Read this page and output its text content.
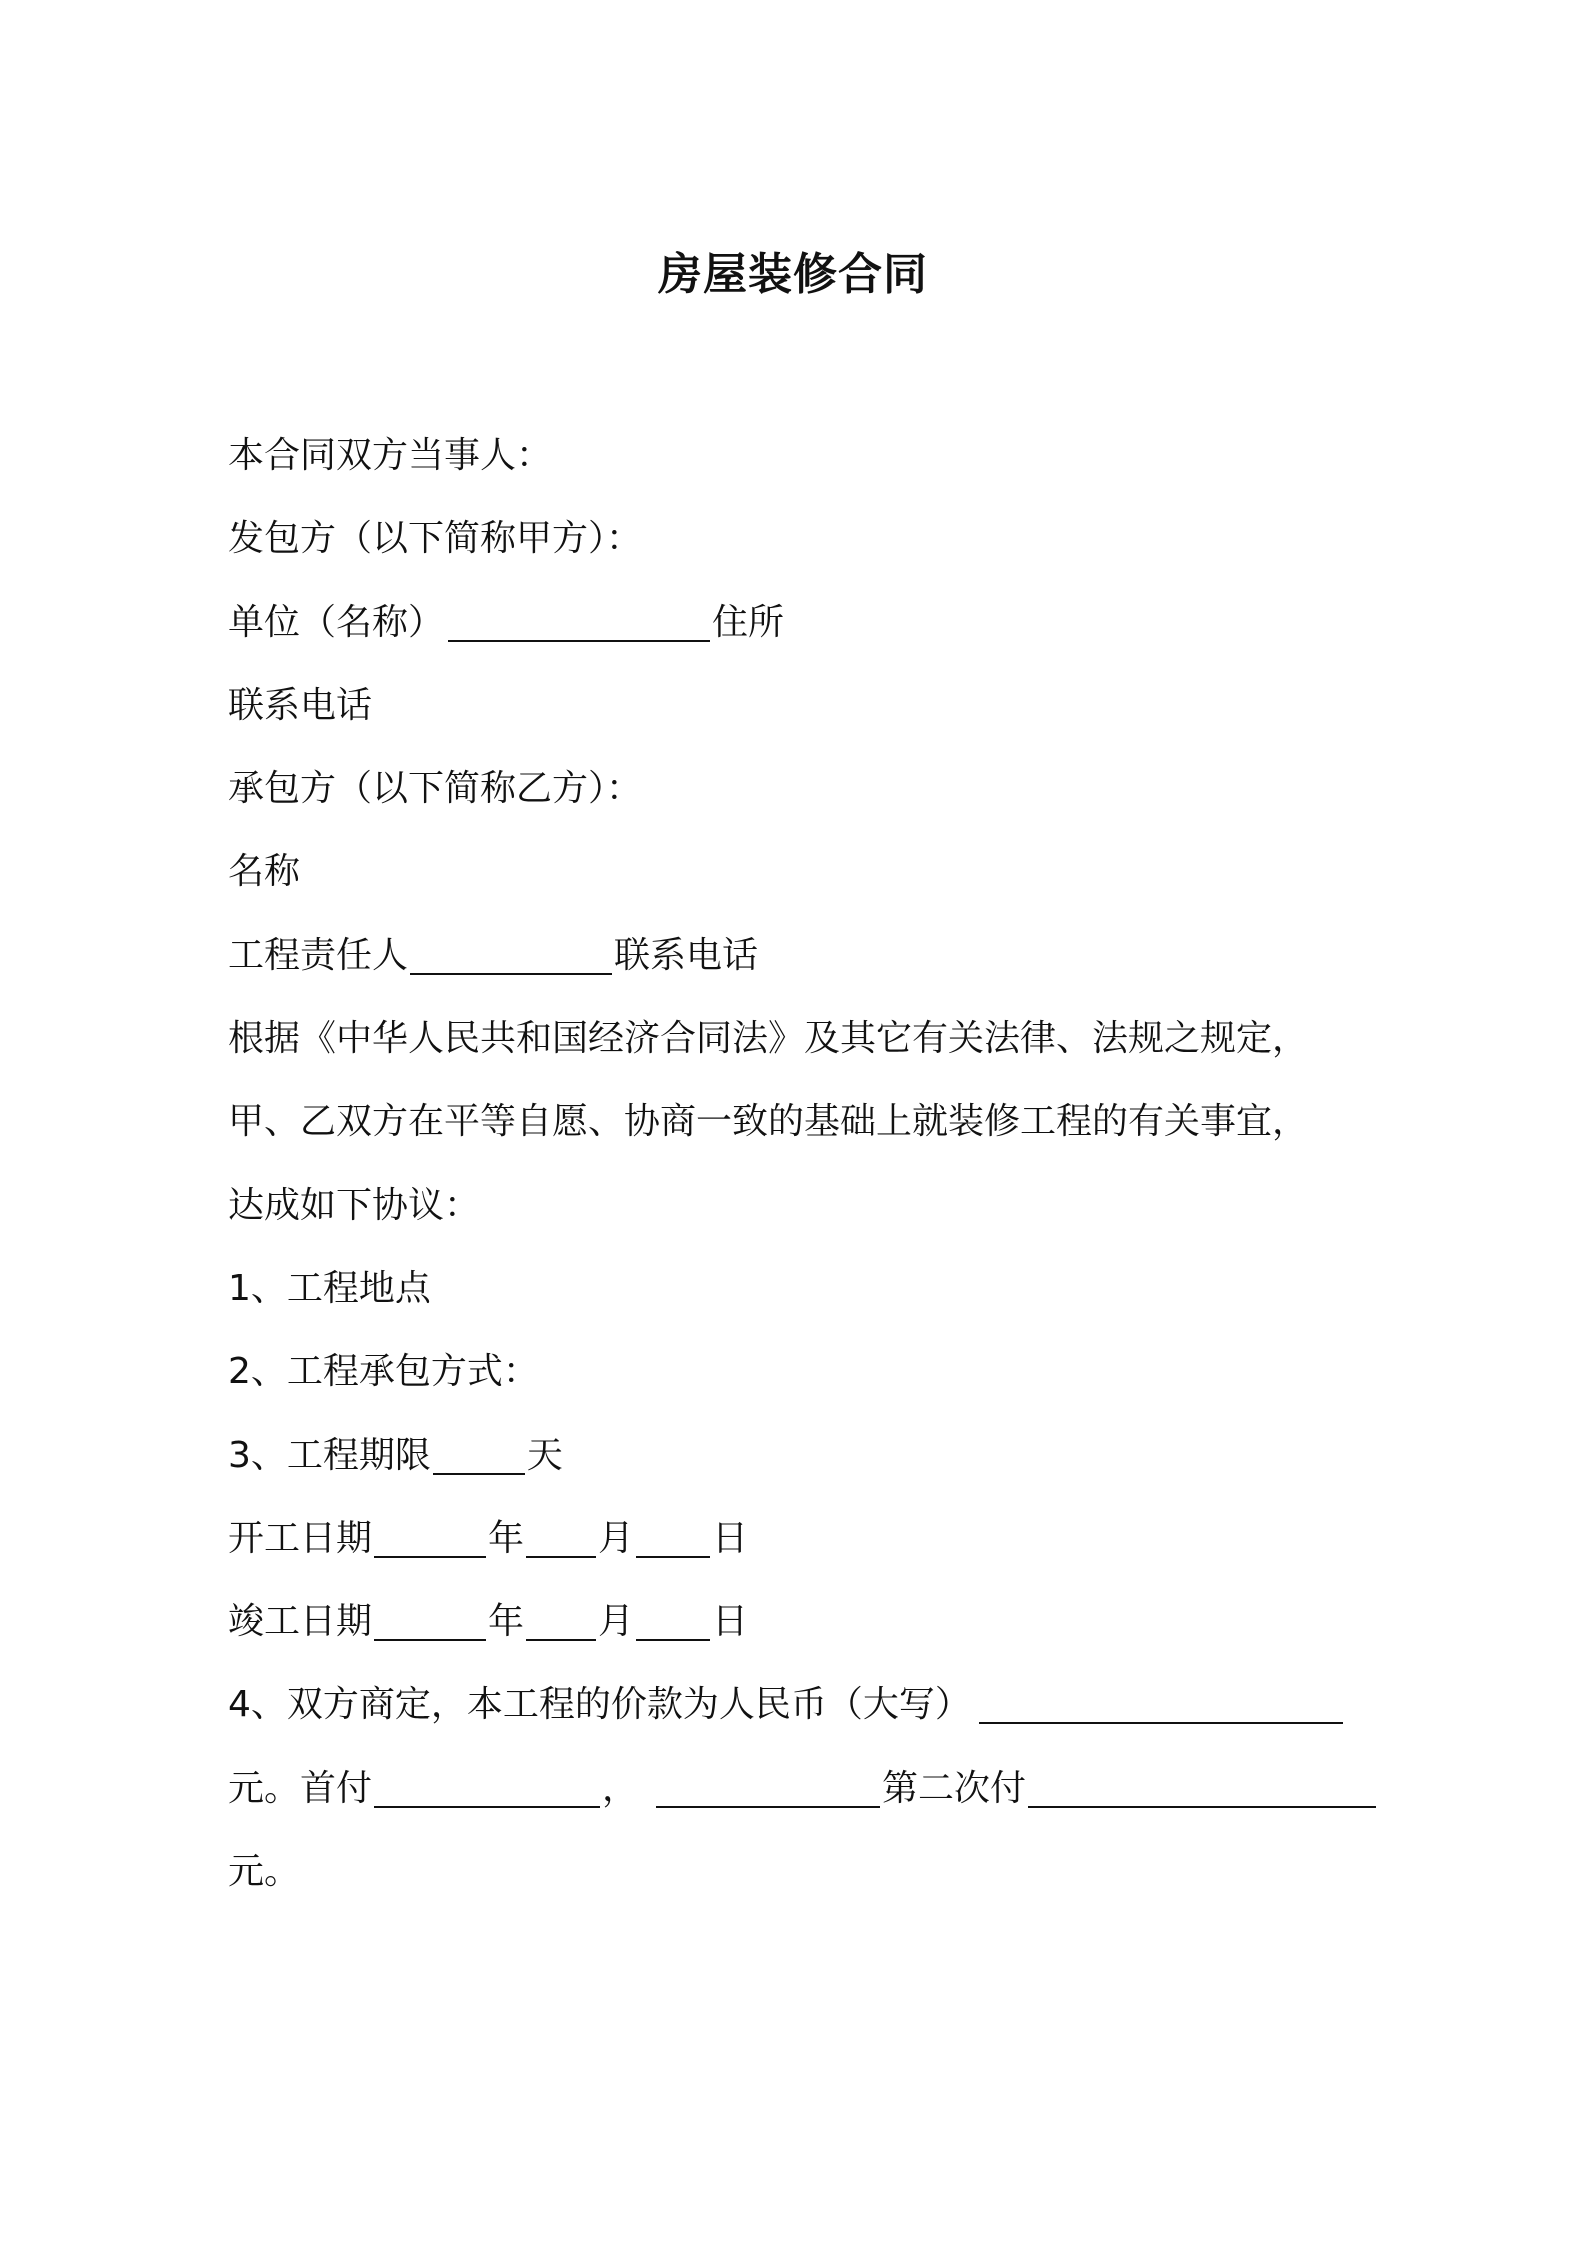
房屋装修合同
本合同双方当事人：
发包方（以下简称甲方）：
单位（名称）	住所
联系电话
承包方（以下简称乙方）：
名称
工程责任人	联系电话
根据《中华人民共和国经济合同法》及其它有关法律、法规之规定，
甲、乙双方在平等自愿、协商一致的基础上就装修工程的有关事宜，
达成如下协议：
1、工程地点
2、工程承包方式：
3、工程期限	天
开工日期	年 月 日
竣工日期	年 月 日
4、双方商定，本工程的价款为人民币（大写）
元。首付	，	第二次付
元。
